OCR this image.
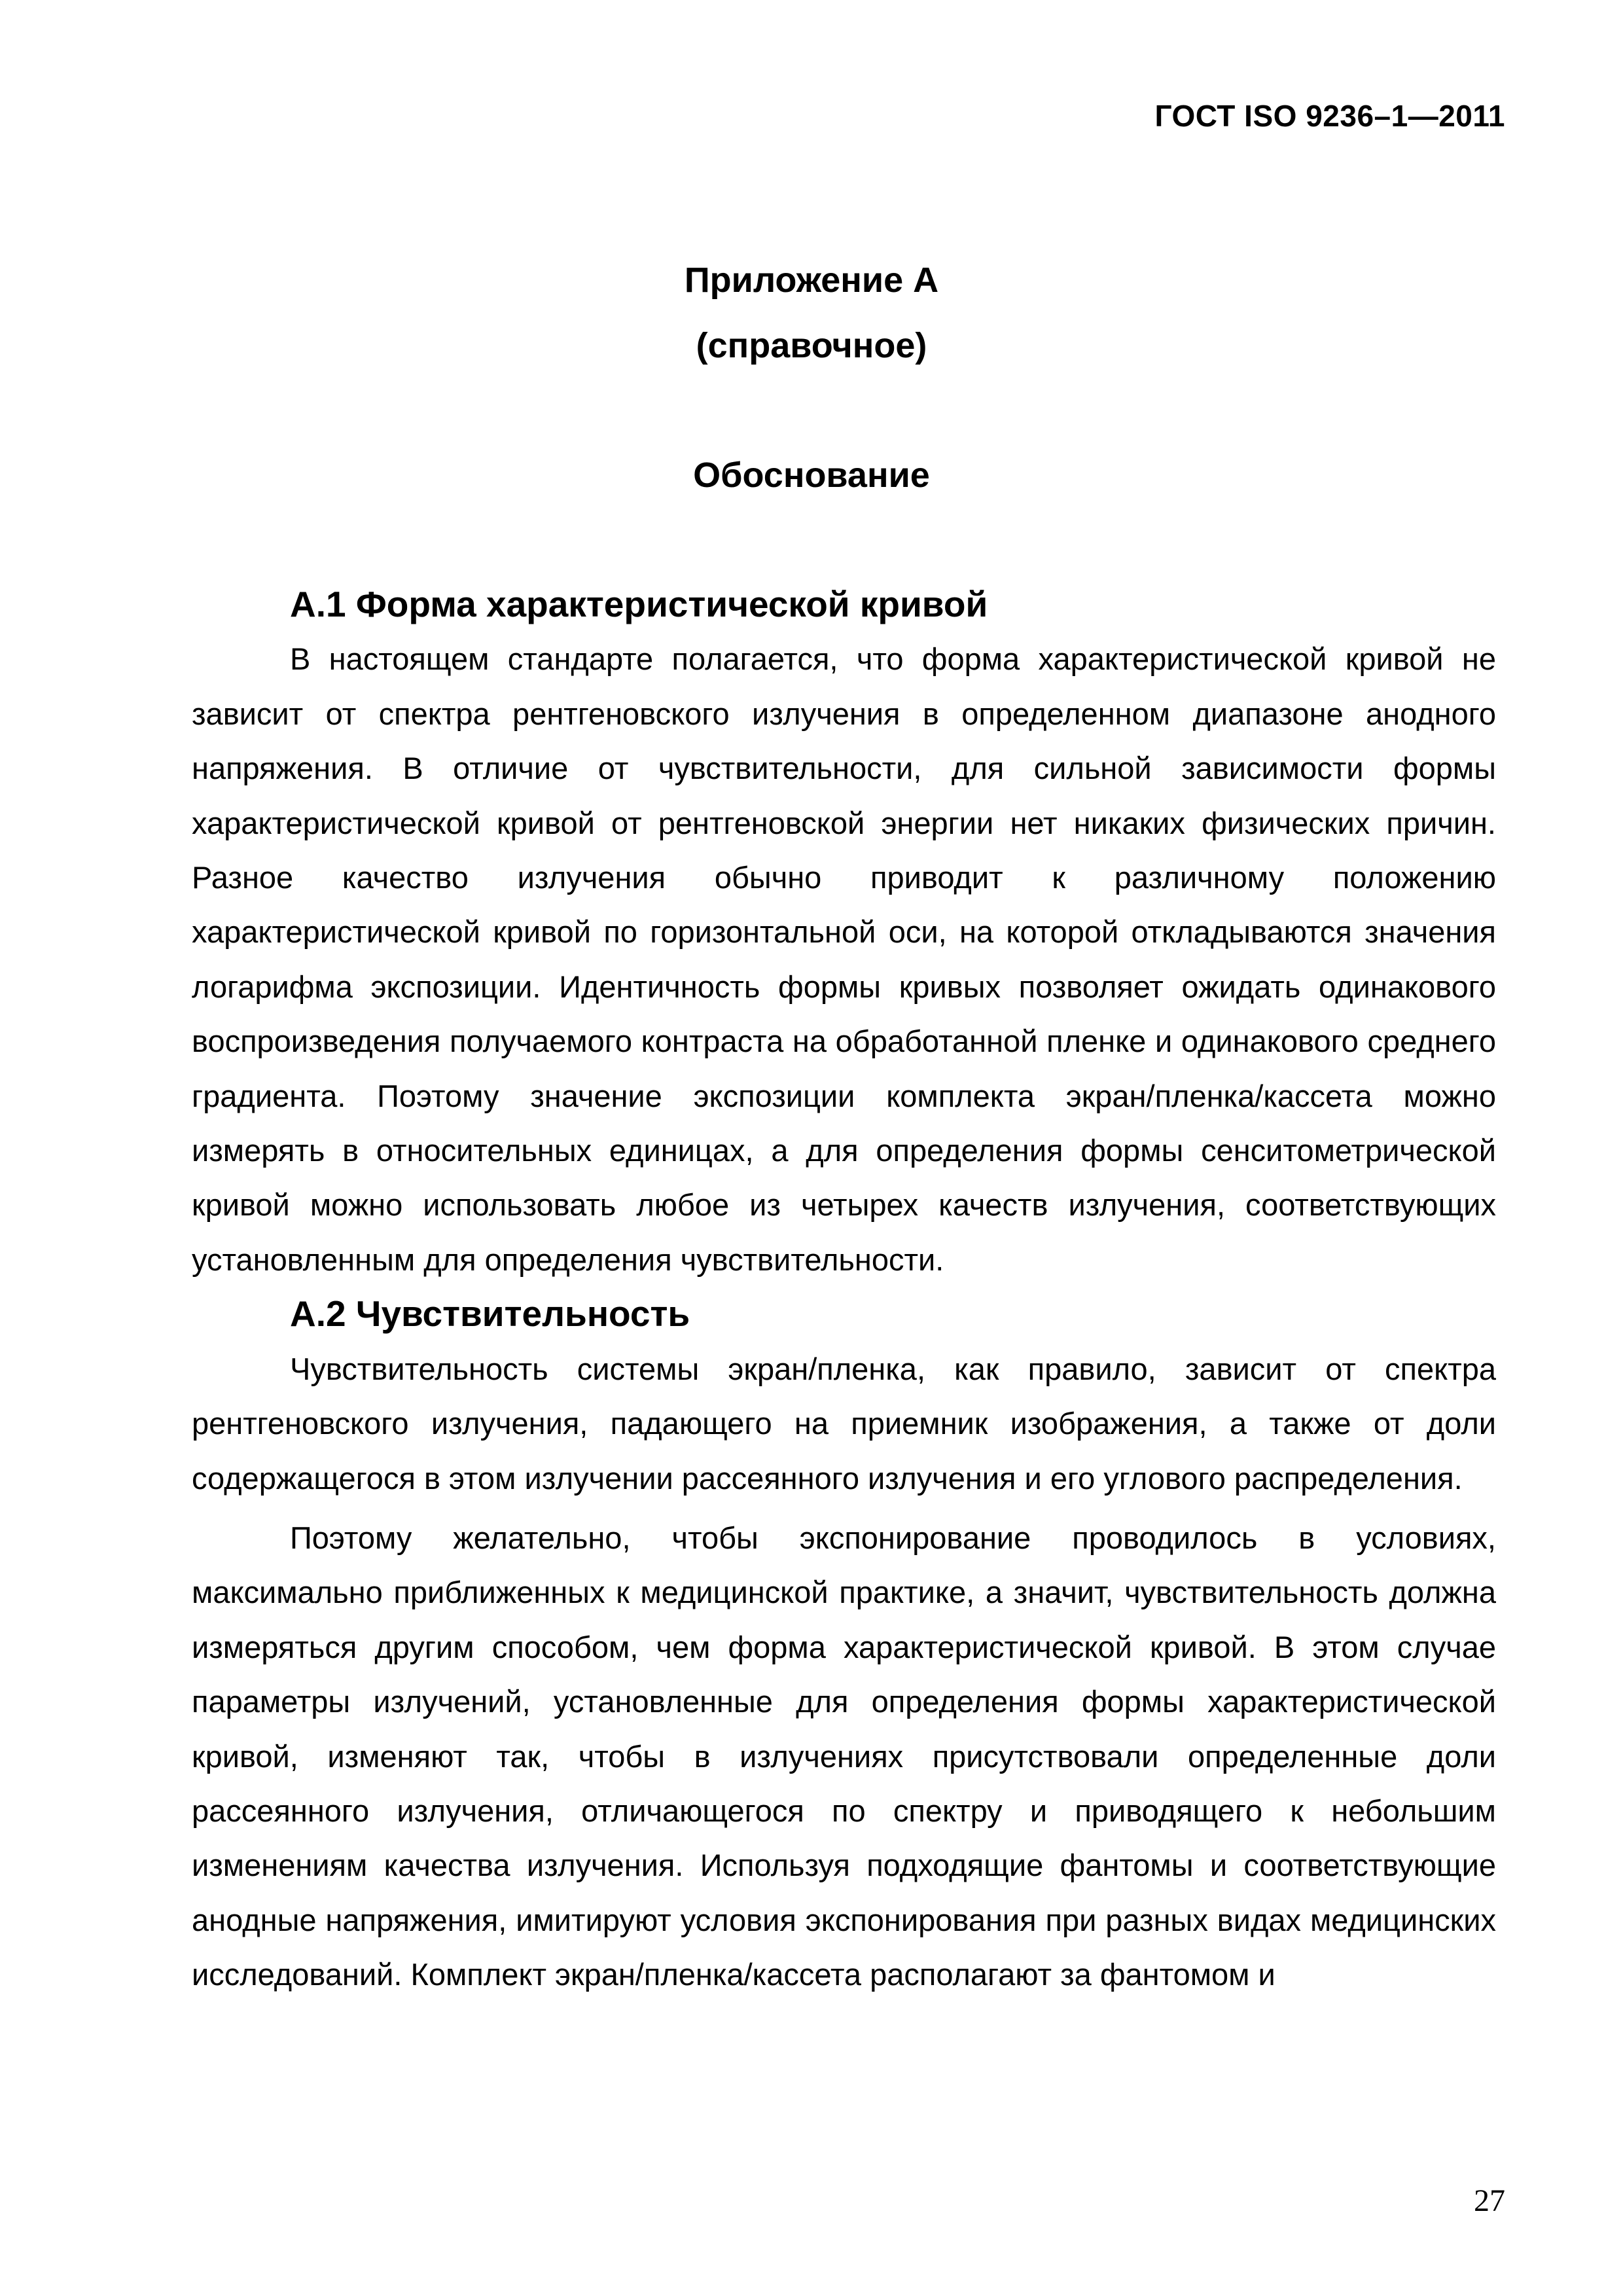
ГОСТ ISO 9236–1—2011
Приложение А
(справочное)
Обоснование
А.1 Форма характеристической кривой

В настоящем стандарте полагается, что форма характеристической кривой не зависит от спектра рентгеновского излучения в определенном диапазоне анодного напряжения. В отличие от чувствительности, для сильной зависимости формы характеристической кривой от рентгеновской энергии нет никаких физических причин. Разное качество излучения обычно приводит к различному положению характеристической кривой по горизонтальной оси, на которой откладываются значения логарифма экспозиции. Идентичность формы кривых позволяет ожидать одинакового воспроизведения получаемого контраста на обработанной пленке и одинакового среднего градиента. Поэтому значение экспозиции комплекта экран/пленка/кассета можно измерять в относительных единицах, а для определения формы сенситометрической кривой можно использовать любое из четырех качеств излучения, соответствующих установленным для определения чувствительности.

А.2 Чувствительность

Чувствительность системы экран/пленка, как правило, зависит от спектра рентгеновского излучения, падающего на приемник изображения, а также от доли содержащегося в этом излучении рассеянного излучения и его углового распределения.

Поэтому желательно, чтобы экспонирование проводилось в условиях, максимально приближенных к медицинской практике, а значит, чувствительность должна измеряться другим способом, чем форма характеристической кривой. В этом случае параметры излучений, установленные для определения формы характеристической кривой, изменяют так, чтобы в излучениях присутствовали определенные доли рассеянного излучения, отличающегося по спектру и приводящего к небольшим изменениям качества излучения. Используя подходящие фантомы и соответствующие анодные напряжения, имитируют условия экспонирования при разных видах медицинских исследований. Комплект экран/пленка/кассета располагают за фантомом и

27
